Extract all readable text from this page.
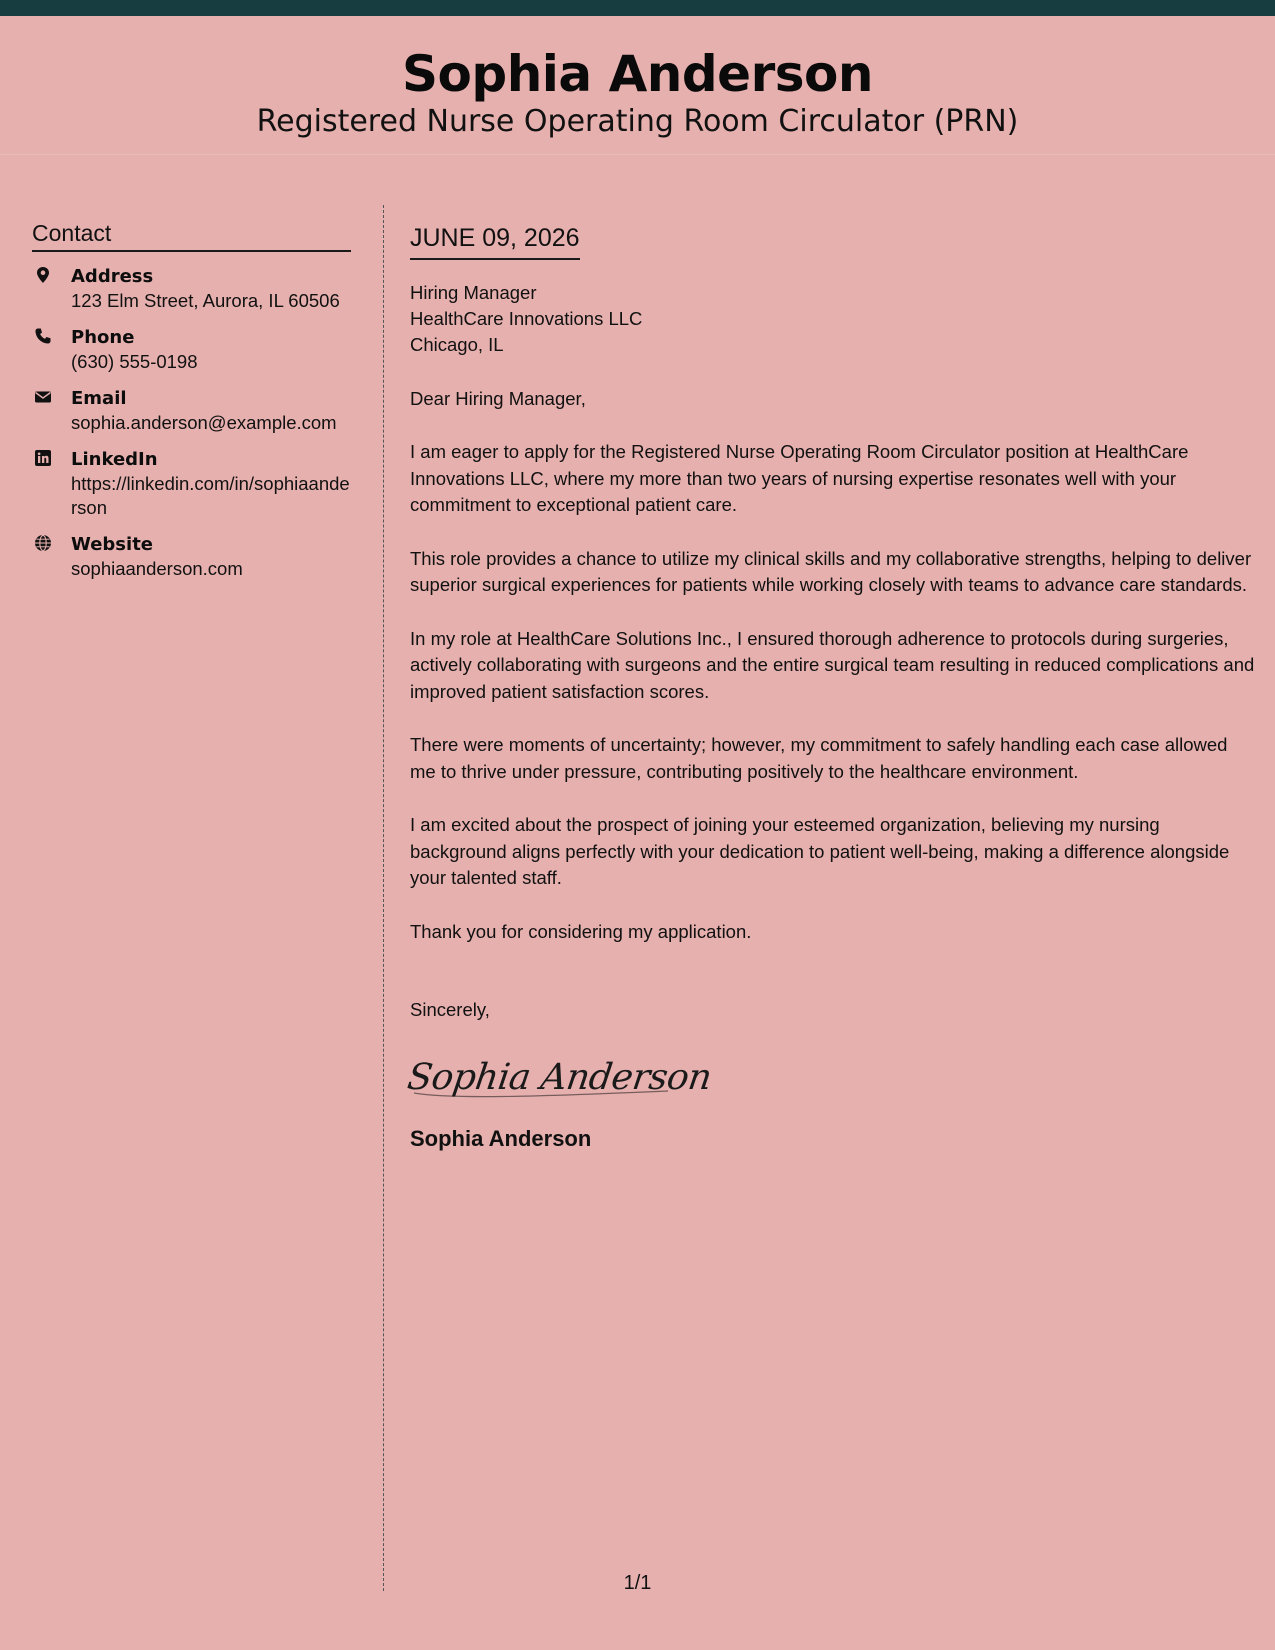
Sophia Anderson
Registered Nurse Operating Room Circulator (PRN)
Contact
Address
123 Elm Street, Aurora, IL 60506
Phone
(630) 555-0198
Email
sophia.anderson@example.com
LinkedIn
https://linkedin.com/in/sophiaanderson
Website
sophiaanderson.com
JUNE 09, 2026
Hiring Manager
HealthCare Innovations LLC
Chicago, IL
Dear Hiring Manager,
I am eager to apply for the Registered Nurse Operating Room Circulator position at HealthCare Innovations LLC, where my more than two years of nursing expertise resonates well with your commitment to exceptional patient care.
This role provides a chance to utilize my clinical skills and my collaborative strengths, helping to deliver superior surgical experiences for patients while working closely with teams to advance care standards.
In my role at HealthCare Solutions Inc., I ensured thorough adherence to protocols during surgeries, actively collaborating with surgeons and the entire surgical team resulting in reduced complications and improved patient satisfaction scores.
There were moments of uncertainty; however, my commitment to safely handling each case allowed me to thrive under pressure, contributing positively to the healthcare environment.
I am excited about the prospect of joining your esteemed organization, believing my nursing background aligns perfectly with your dedication to patient well-being, making a difference alongside your talented staff.
Thank you for considering my application.
Sincerely,
Sophia Anderson
Sophia Anderson
1/1
